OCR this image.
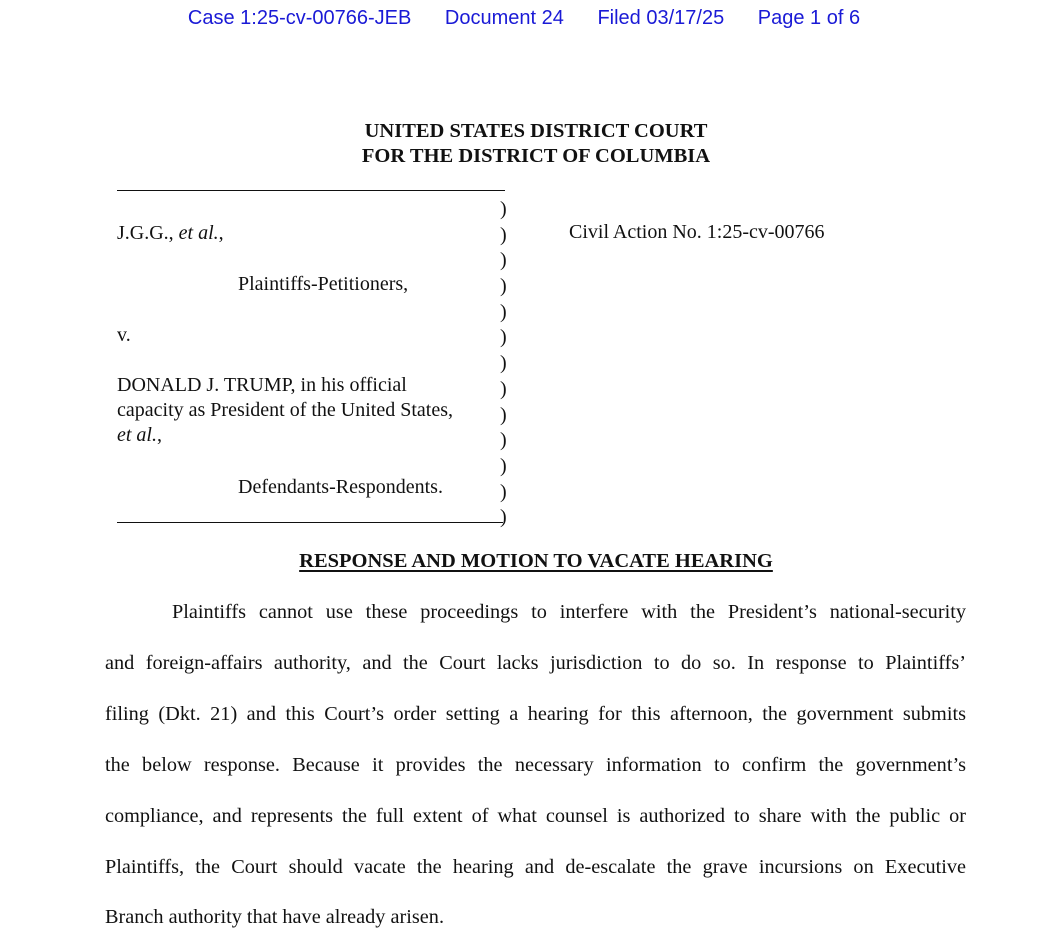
Case 1:25-cv-00766-JEB Document 24 Filed 03/17/25 Page 1 of 6
UNITED STATES DISTRICT COURT
FOR THE DISTRICT OF COLUMBIA
J.G.G., et al.,
Plaintiffs-Petitioners,
v.
DONALD J. TRUMP, in his official
capacity as President of the United States,
et al.,
Defendants-Respondents.
)
)
)
)
)
)
)
)
)
)
)
)
)
Civil Action No. 1:25-cv-00766
RESPONSE AND MOTION TO VACATE HEARING
Plaintiffs cannot use these proceedings to interfere with the President’s national-security
and foreign-affairs authority, and the Court lacks jurisdiction to do so. In response to Plaintiffs’
filing (Dkt. 21) and this Court’s order setting a hearing for this afternoon, the government submits
the below response. Because it provides the necessary information to confirm the government’s
compliance, and represents the full extent of what counsel is authorized to share with the public or
Plaintiffs, the Court should vacate the hearing and de-escalate the grave incursions on Executive
Branch authority that have already arisen.
